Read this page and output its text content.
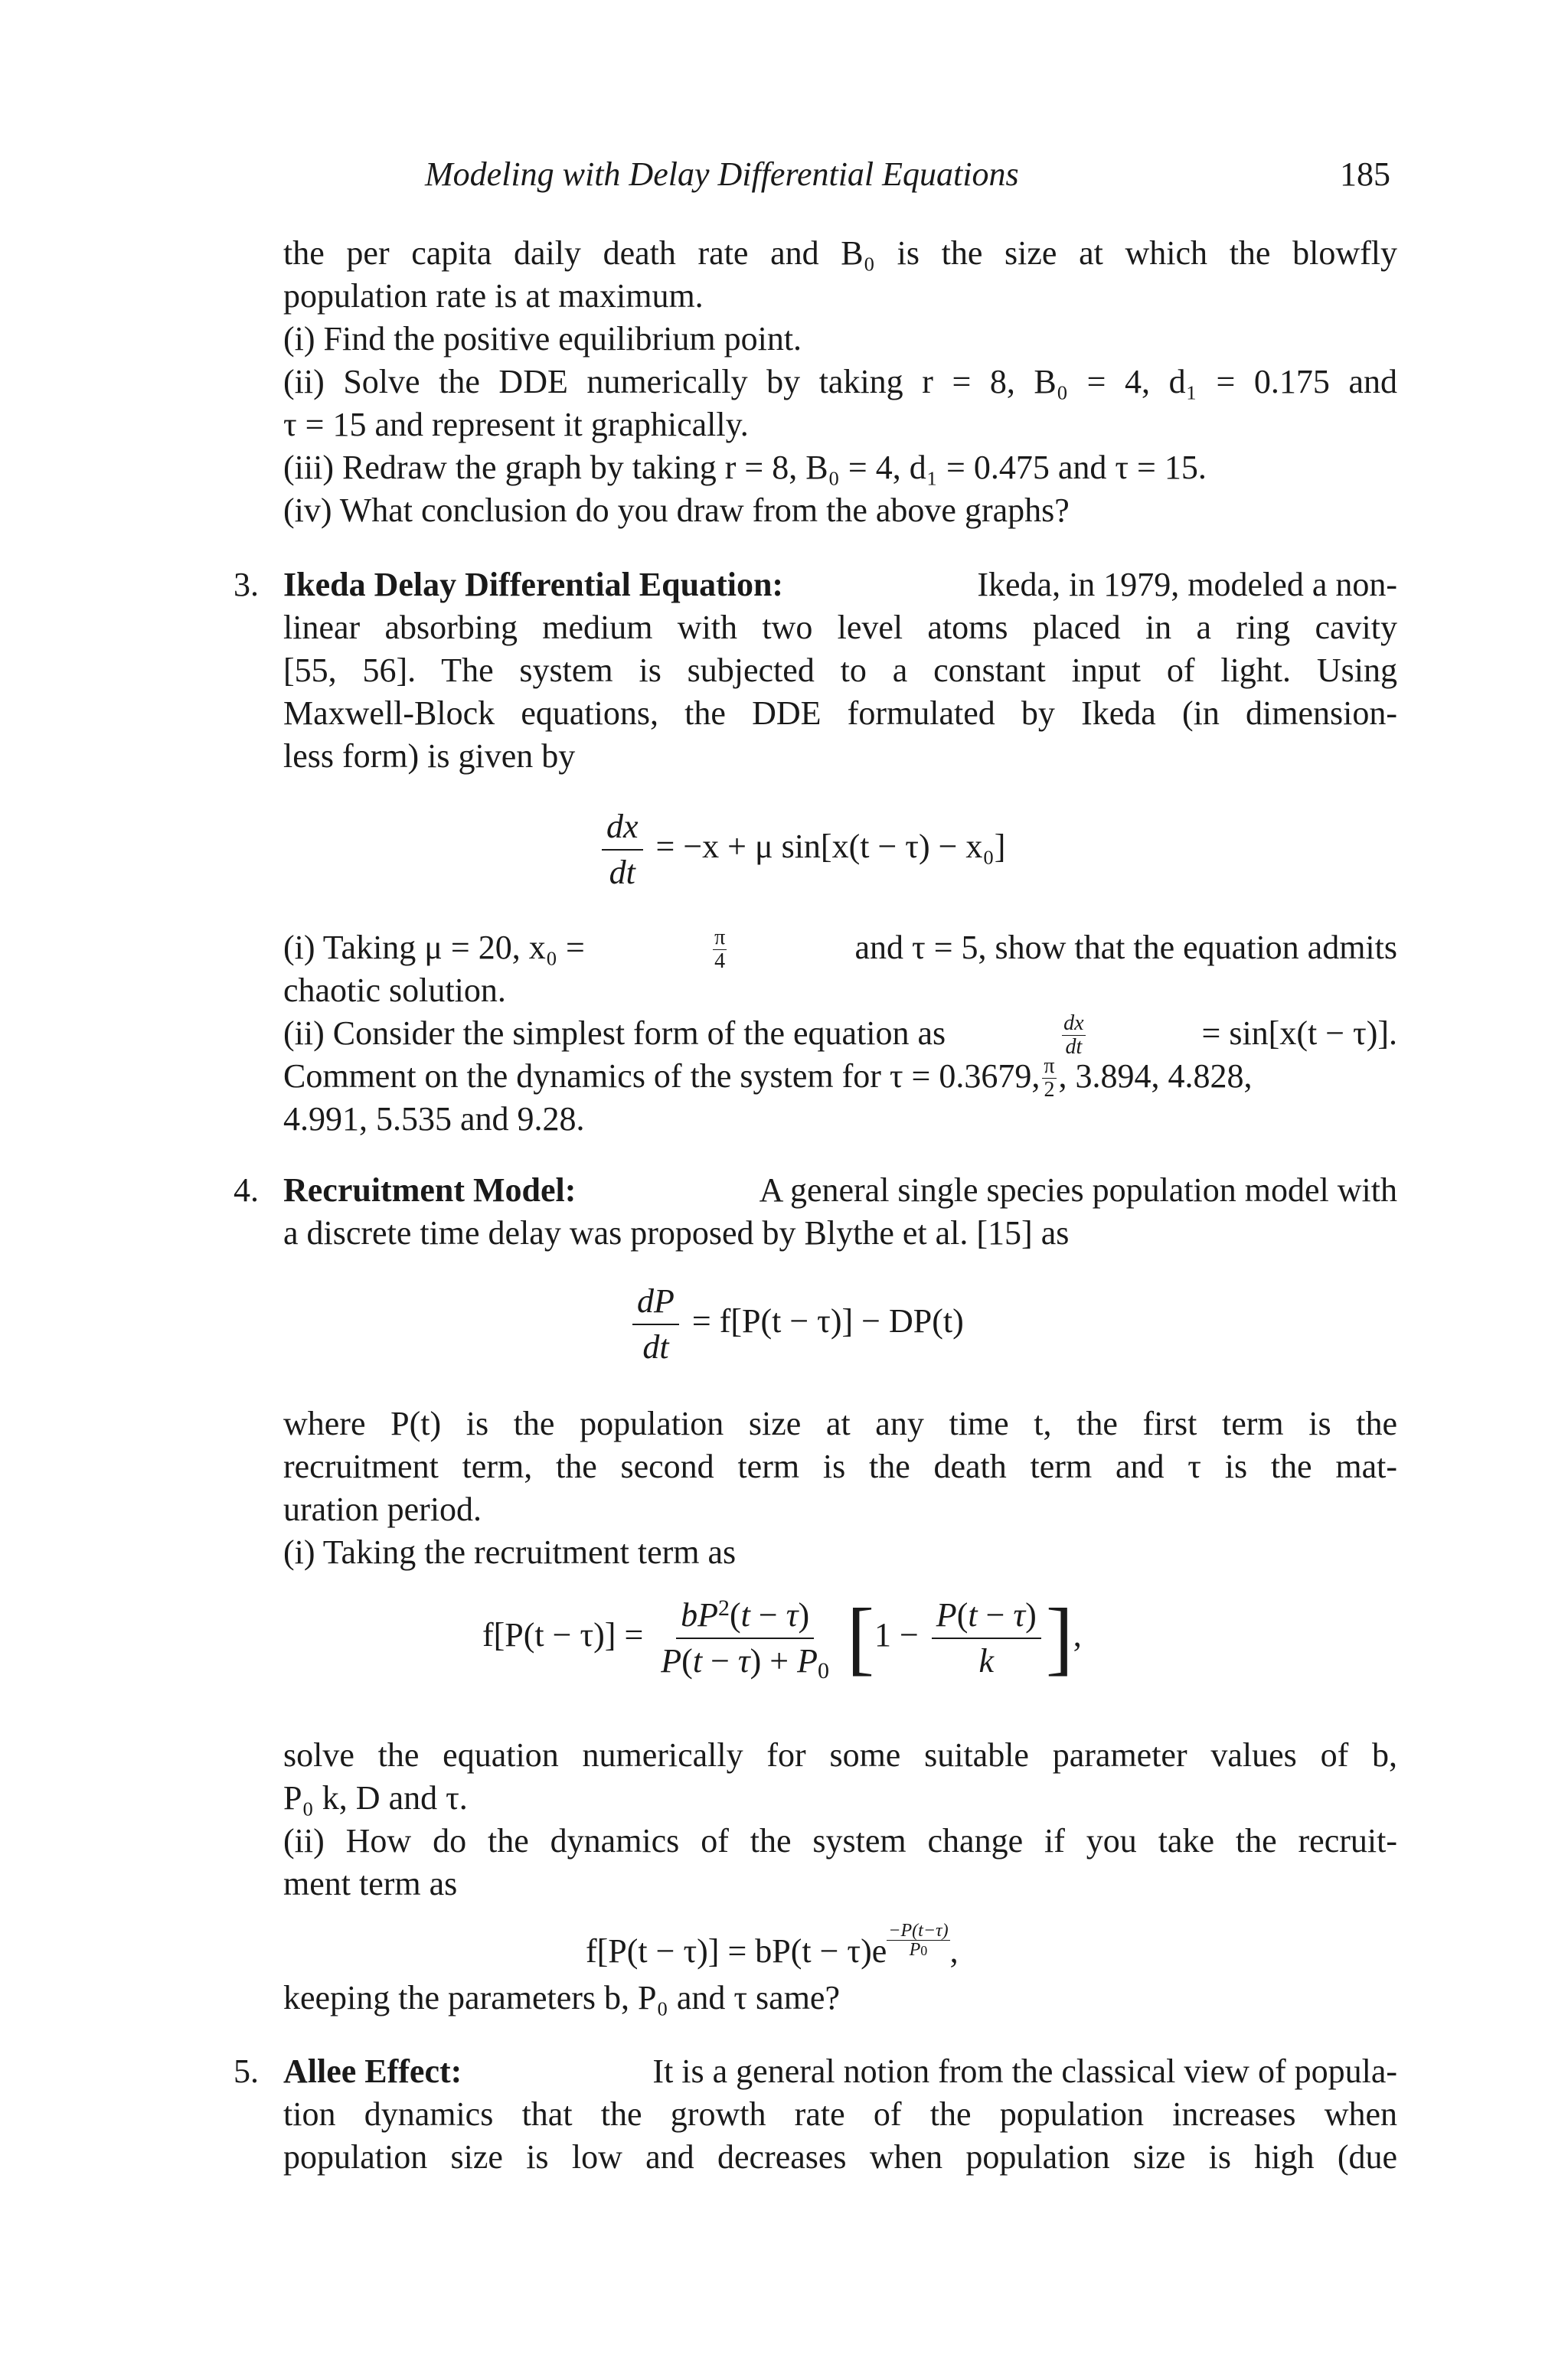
Modeling with Delay Differential Equations	185
the per capita daily death rate and B₀ is the size at which the blowfly
population rate is at maximum.
(i) Find the positive equilibrium point.
(ii) Solve the DDE numerically by taking r = 8, B₀ = 4, d₁ = 0.175 and
τ = 15 and represent it graphically.
(iii) Redraw the graph by taking r = 8, B₀ = 4, d₁ = 0.475 and τ = 15.
(iv) What conclusion do you draw from the above graphs?
3. Ikeda Delay Differential Equation:	Ikeda, in 1979, modeled a non-
linear absorbing medium with two level atoms placed in a ring cavity
[55, 56]. The system is subjected to a constant input of light. Using
Maxwell-Block equations, the DDE formulated by Ikeda (in dimension-
less form) is given by
$\frac{dx}{dt} = -x + \mu$ sin[x(t − τ) − x₀]
(i) Taking μ = 20, x₀ =	$\frac{\pi}{4}$	and τ = 5, show that the equation admits
chaotic solution.
(ii) Consider the simplest form of the equation as	$\frac{dx}{dt}$	= sin[x(t − τ)].
Comment on the dynamics of the system for τ = 0.3679, π
2 , 3.894, 4.828,
4.991, 5.535 and 9.28.
4. Recruitment Model:	A general single species population model with
a discrete time delay was proposed by Blythe et al. [15] as
$\frac{dP}{dt} = f[P(t - \tau)] - DP(t)$
where P(t) is the population size at any time t, the first term is the
recruitment term, the second term is the death term and τ is the mat-
uration period.
(i) Taking the recruitment term as
$f[P(t - \tau)] = \frac{bP^2(t - \tau)}{P(t - \tau) + P_0} [1 - \frac{P(t - \tau)}{k}$ ],
solve the equation numerically for some suitable parameter values of b,
P₀ k, D and τ.
(ii) How do the dynamics of the system change if you take the recruit-
ment term as
$f[P(t - \tau)] = bP(t - \tau)e \frac{-P(t-\tau)}{P0}$ ,
keeping the parameters b, P₀ and τ same?
5. Allee Effect:	It is a general notion from the classical view of popula-
tion dynamics that the growth rate of the population increases when
population size is low and decreases when population size is high (due
